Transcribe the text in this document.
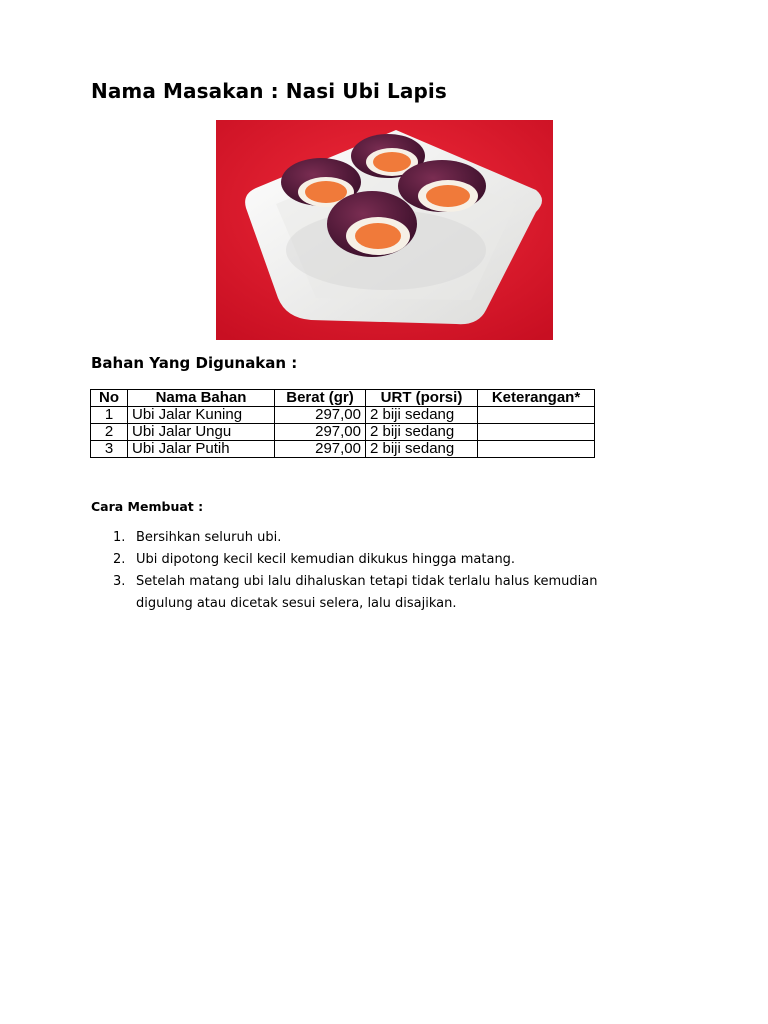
Nama Masakan : Nasi Ubi Lapis
Bahan Yang Digunakan :
No	Nama Bahan	Berat (gr)	URT (porsi)	Keterangan*
1	Ubi Jalar Kuning	297,00	2 biji sedang	
2	Ubi Jalar Ungu	297,00	2 biji sedang	
3	Ubi Jalar Putih	297,00	2 biji sedang	
Cara Membuat :
1. Bersihkan seluruh ubi.
2. Ubi dipotong kecil kecil kemudian dikukus hingga matang.
3. Setelah matang ubi lalu dihaluskan tetapi tidak terlalu halus kemudian digulung atau dicetak sesui selera, lalu disajikan.
